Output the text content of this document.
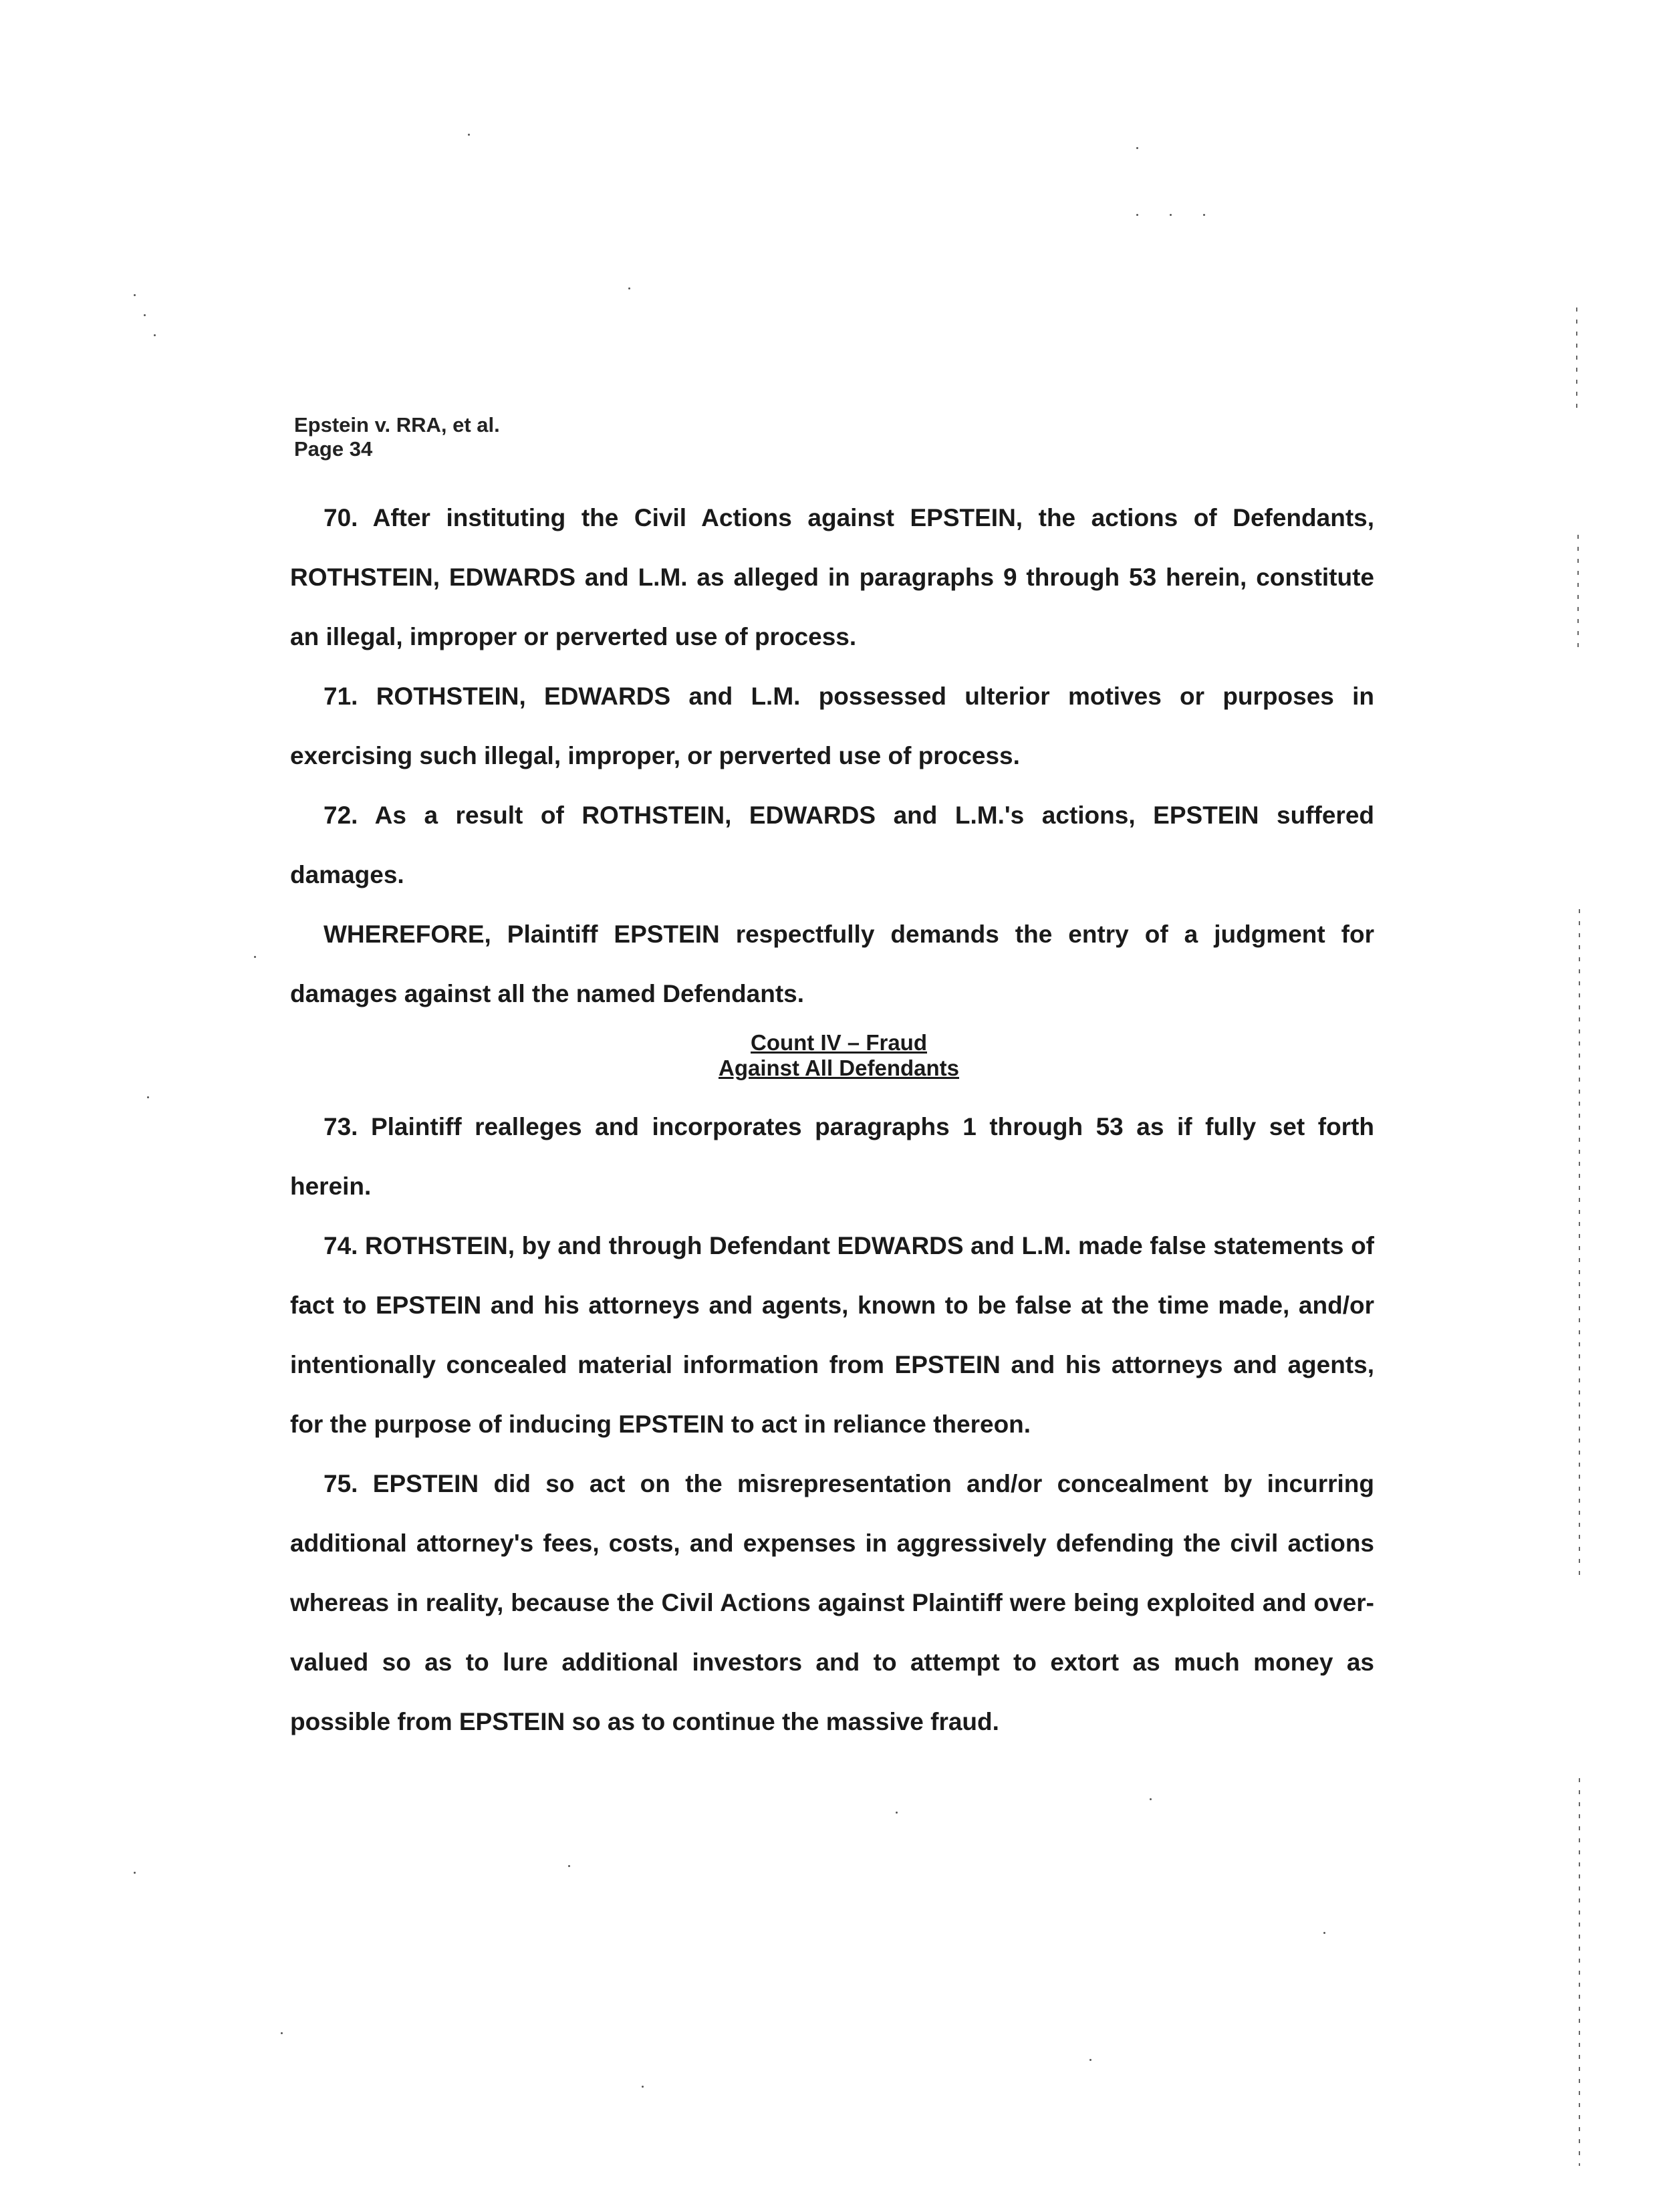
Epstein v. RRA, et al.
Page 34

70. After instituting the Civil Actions against EPSTEIN, the actions of Defendants, ROTHSTEIN, EDWARDS and L.M. as alleged in paragraphs 9 through 53 herein, constitute an illegal, improper or perverted use of process.

71. ROTHSTEIN, EDWARDS and L.M. possessed ulterior motives or purposes in exercising such illegal, improper, or perverted use of process.

72. As a result of ROTHSTEIN, EDWARDS and L.M.'s actions, EPSTEIN suffered damages.

WHEREFORE, Plaintiff EPSTEIN respectfully demands the entry of a judgment for damages against all the named Defendants.

Count IV – Fraud
Against All Defendants

73. Plaintiff realleges and incorporates paragraphs 1 through 53 as if fully set forth herein.

74. ROTHSTEIN, by and through Defendant EDWARDS and L.M. made false statements of fact to EPSTEIN and his attorneys and agents, known to be false at the time made, and/or intentionally concealed material information from EPSTEIN and his attorneys and agents, for the purpose of inducing EPSTEIN to act in reliance thereon.

75. EPSTEIN did so act on the misrepresentation and/or concealment by incurring additional attorney's fees, costs, and expenses in aggressively defending the civil actions whereas in reality, because the Civil Actions against Plaintiff were being exploited and over-valued so as to lure additional investors and to attempt to extort as much money as possible from EPSTEIN so as to continue the massive fraud.
